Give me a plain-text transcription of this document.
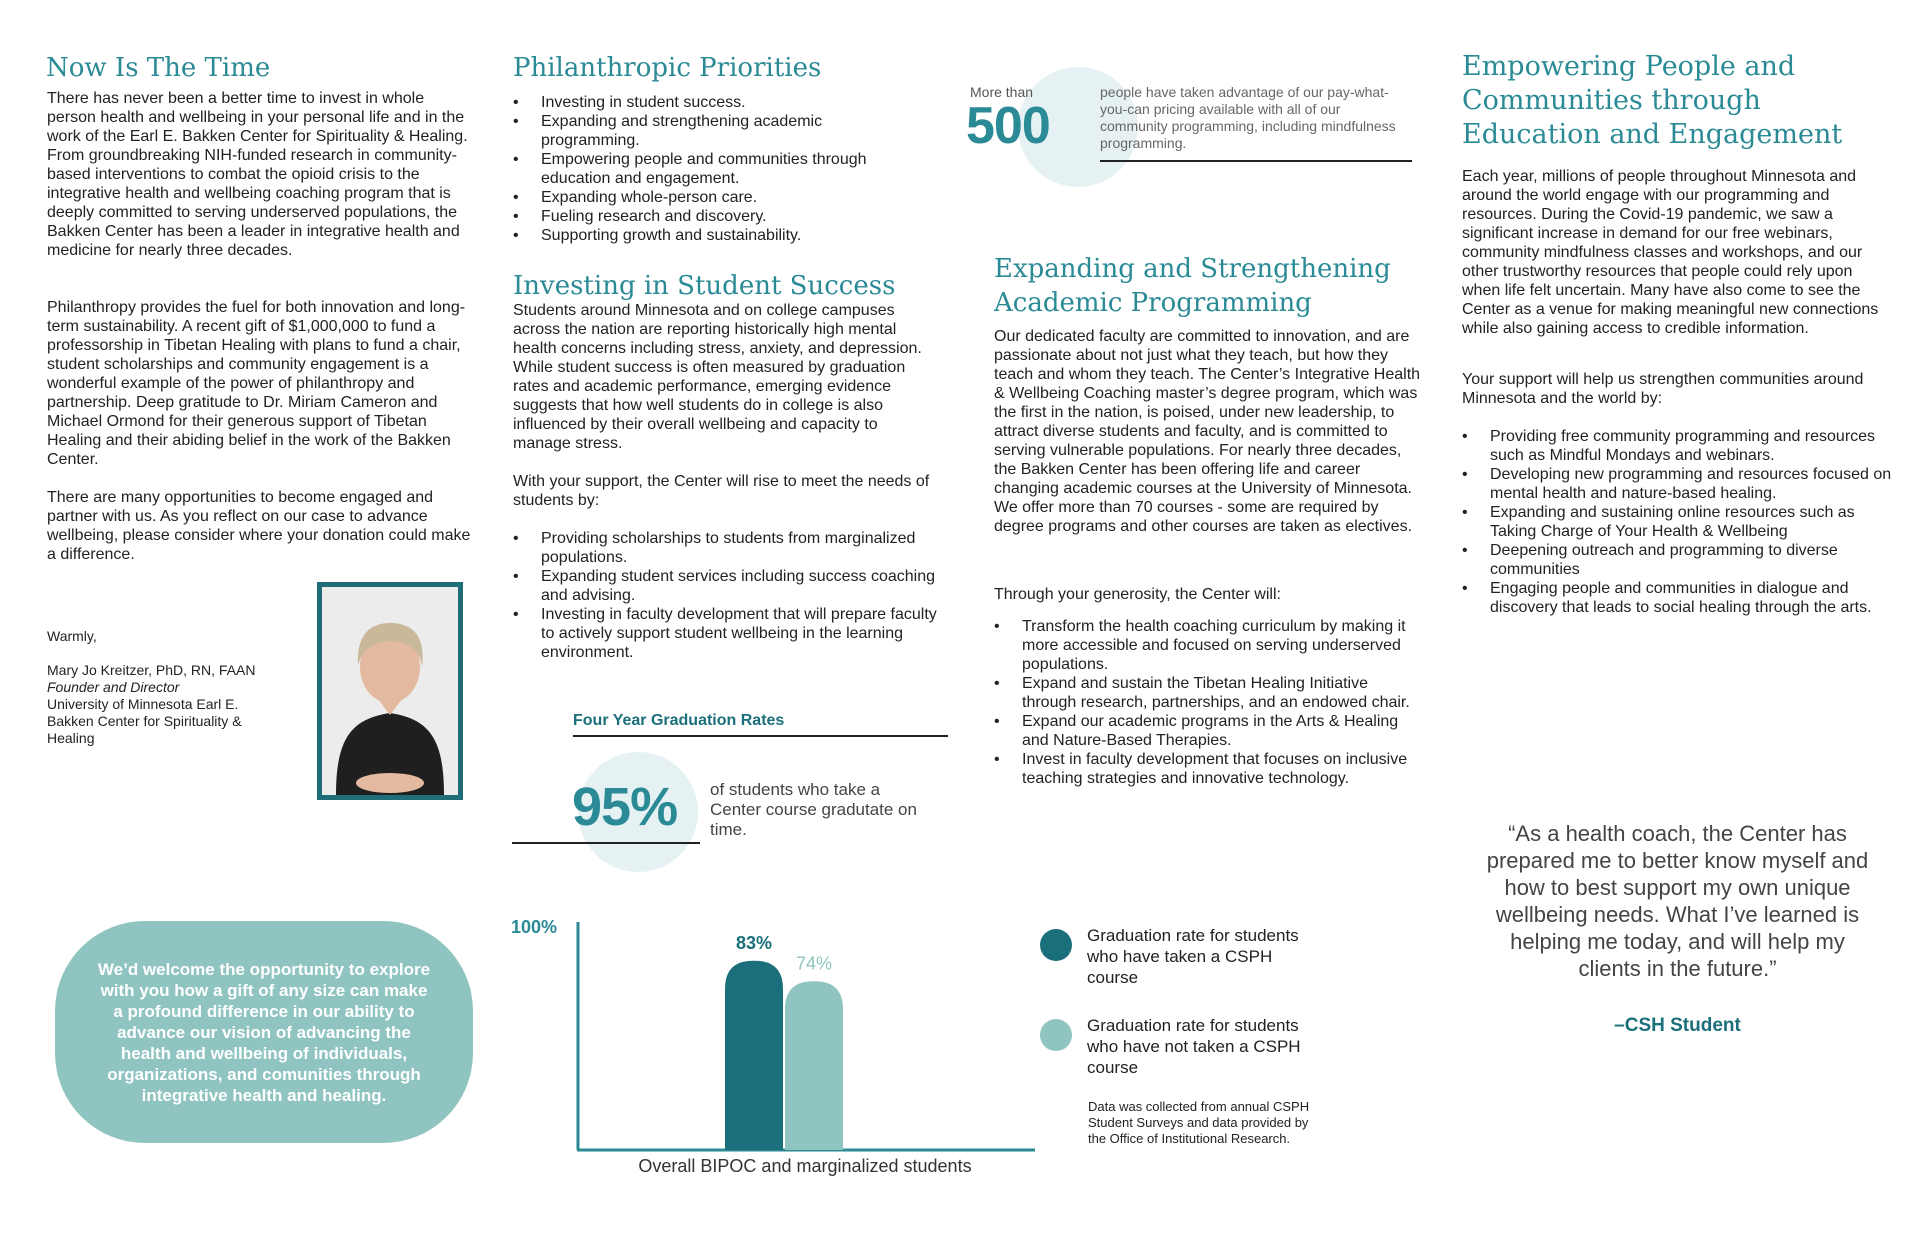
Now Is The Time

There has never been a better time to invest in whole person health and wellbeing in your personal life and in the work of the Earl E. Bakken Center for Spirituality & Healing. From groundbreaking NIH-funded research in community-based interventions to combat the opioid crisis to the integrative health and wellbeing coaching program that is deeply committed to serving underserved populations, the Bakken Center has been a leader in integrative health and medicine for nearly three decades.

Philanthropy provides the fuel for both innovation and long-term sustainability. A recent gift of $1,000,000 to fund a professorship in Tibetan Healing with plans to fund a chair, student scholarships and community engagement is a wonderful example of the power of philanthropy and partnership. Deep gratitude to Dr. Miriam Cameron and Michael Ormond for their generous support of Tibetan Healing and their abiding belief in the work of the Bakken Center.

There are many opportunities to become engaged and partner with us. As you reflect on our case to advance wellbeing, please consider where your donation could make a difference.

Warmly,
Mary Jo Kreitzer, PhD, RN, FAAN
Founder and Director
University of Minnesota Earl E.
Bakken Center for Spirituality &
Healing
We’d welcome the opportunity to explore with you how a gift of any size can make a profound difference in our ability to advance our vision of advancing the health and wellbeing of individuals, organizations, and comunities through integrative health and healing.
Philanthropic Priorities
• Investing in student success.
• Expanding and strengthening academic programming.
• Empowering people and communities through education and engagement.
• Expanding whole-person care.
• Fueling research and discovery.
• Supporting growth and sustainability.
Investing in Student Success

Students around Minnesota and on college campuses across the nation are reporting historically high mental health concerns including stress, anxiety, and depression. While student success is often measured by graduation rates and academic performance, emerging evidence suggests that how well students do in college is also influenced by their overall wellbeing and capacity to manage stress.

With your support, the Center will rise to meet the needs of students by:

• Providing scholarships to students from marginalized populations.
• Expanding student services including success coaching and advising.
• Investing in faculty development that will prepare faculty to actively support student wellbeing in the learning environment.
Four Year Graduation Rates
95% of students who take a Center course gradutate on time.
100%
83%
74%
Overall BIPOC and marginalized students
More than
500
people have taken advantage of our pay-what-you-can pricing available with all of our community programming, including mindfulness programming.
Expanding and Strengthening Academic Programming

Our dedicated faculty are committed to innovation, and are passionate about not just what they teach, but how they teach and whom they teach. The Center’s Integrative Health & Wellbeing Coaching master’s degree program, which was the first in the nation, is poised, under new leadership, to attract diverse students and faculty, and is committed to serving vulnerable populations. For nearly three decades, the Bakken Center has been offering life and career changing academic courses at the University of Minnesota. We offer more than 70 courses - some are required by degree programs and other courses are taken as electives.

Through your generosity, the Center will:

• Transform the health coaching curriculum by making it more accessible and focused on serving underserved populations.
• Expand and sustain the Tibetan Healing Initiative through research, partnerships, and an endowed chair.
• Expand our academic programs in the Arts & Healing and Nature-Based Therapies.
• Invest in faculty development that focuses on inclusive teaching strategies and innovative technology.
Graduation rate for students who have taken a CSPH course
Graduation rate for students who have not taken a CSPH course
Data was collected from annual CSPH Student Surveys and data provided by the Office of Institutional Research.
Empowering People and Communities through Education and Engagement

Each year, millions of people throughout Minnesota and around the world engage with our programming and resources. During the Covid-19 pandemic, we saw a significant increase in demand for our free webinars, community mindfulness classes and workshops, and our other trustworthy resources that people could rely upon when life felt uncertain. Many have also come to see the Center as a venue for making meaningful new connections while also gaining access to credible information.

Your support will help us strengthen communities around Minnesota and the world by:

• Providing free community programming and resources such as Mindful Mondays and webinars.
• Developing new programming and resources focused on mental health and nature-based healing.
• Expanding and sustaining online resources such as Taking Charge of Your Health & Wellbeing
• Deepening outreach and programming to diverse communities
• Engaging people and communities in dialogue and discovery that leads to social healing through the arts.
“As a health coach, the Center has prepared me to better know myself and how to best support my own unique wellbeing needs. What I’ve learned is helping me today, and will help my clients in the future.”
–CSH Student
